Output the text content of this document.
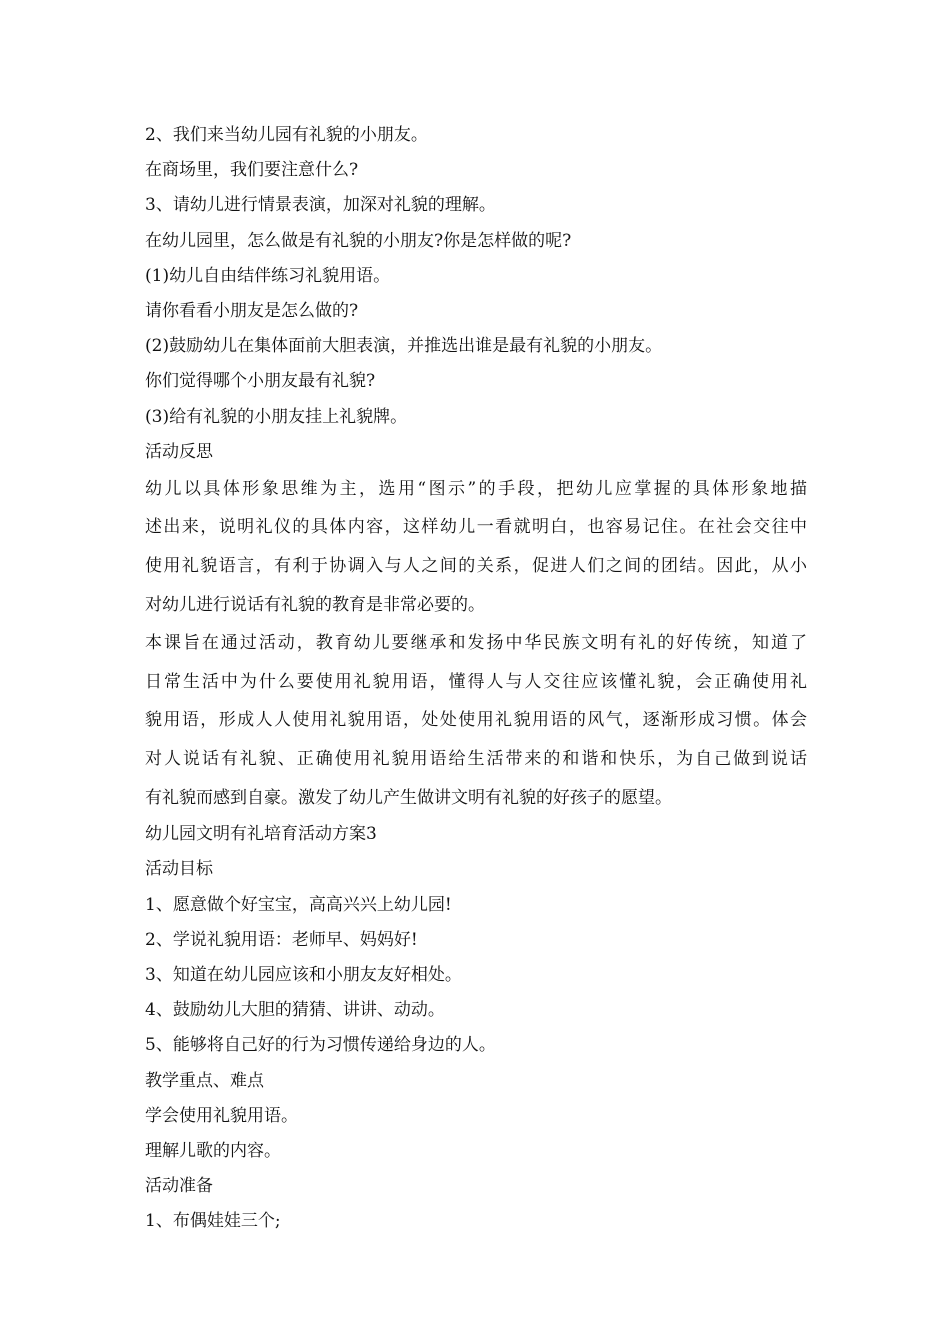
2、我们来当幼儿园有礼貌的小朋友。
在商场里，我们要注意什么?
3、请幼儿进行情景表演，加深对礼貌的理解。
在幼儿园里，怎么做是有礼貌的小朋友?你是怎样做的呢?
(1)幼儿自由结伴练习礼貌用语。
请你看看小朋友是怎么做的?
(2)鼓励幼儿在集体面前大胆表演，并推选出谁是最有礼貌的小朋友。
你们觉得哪个小朋友最有礼貌?
(3)给有礼貌的小朋友挂上礼貌牌。
活动反思
幼儿以具体形象思维为主，选用“图示”的手段，把幼儿应掌握的具体形象地描
述出来，说明礼仪的具体内容，这样幼儿一看就明白，也容易记住。在社会交往中
使用礼貌语言，有利于协调入与人之间的关系，促进人们之间的团结。因此，从小
对幼儿进行说话有礼貌的教育是非常必要的。
本课旨在通过活动，教育幼儿要继承和发扬中华民族文明有礼的好传统，知道了
日常生活中为什么要使用礼貌用语，懂得人与人交往应该懂礼貌，会正确使用礼
貌用语，形成人人使用礼貌用语，处处使用礼貌用语的风气，逐渐形成习惯。体会
对人说话有礼貌、正确使用礼貌用语给生活带来的和谐和快乐，为自己做到说话
有礼貌而感到自豪。激发了幼儿产生做讲文明有礼貌的好孩子的愿望。
幼儿园文明有礼培育活动方案3
活动目标
1、愿意做个好宝宝，高高兴兴上幼儿园!
2、学说礼貌用语：老师早、妈妈好!
3、知道在幼儿园应该和小朋友友好相处。
4、鼓励幼儿大胆的猜猜、讲讲、动动。
5、能够将自己好的行为习惯传递给身边的人。
教学重点、难点
学会使用礼貌用语。
理解儿歌的内容。
活动准备
1、布偶娃娃三个;
